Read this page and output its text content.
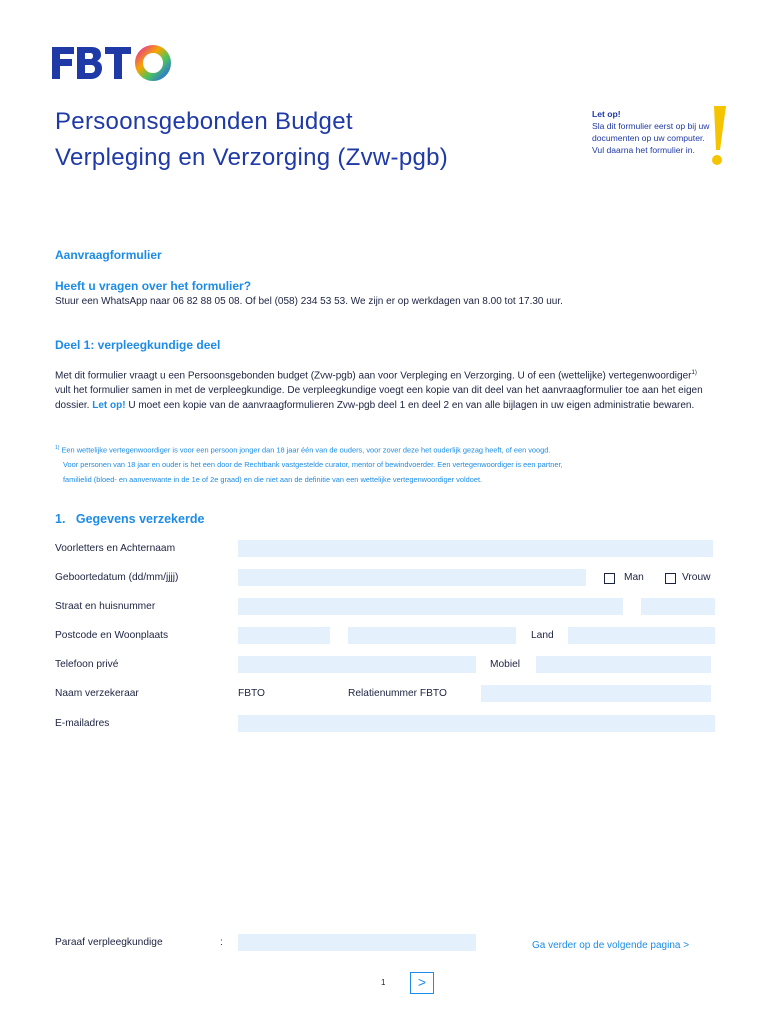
Persoonsgebonden Budget
Verpleging en Verzorging (Zvw-pgb)
Let op!
Sla dit formulier eerst op bij uw documenten op uw computer. Vul daarna het formulier in.
Aanvraagformulier
Heeft u vragen over het formulier?
Stuur een WhatsApp naar 06 82 88 05 08. Of bel (058) 234 53 53. We zijn er op werkdagen van 8.00 tot 17.30 uur.
Deel 1: verpleegkundige deel
Met dit formulier vraagt u een Persoonsgebonden budget (Zvw-pgb) aan voor Verpleging en Verzorging. U of een (wettelijke) vertegenwoordiger$^{1)}$ vult het formulier samen in met de verpleegkundige. De verpleegkundige voegt een kopie van dit deel van het aanvraagformulier toe aan het eigen dossier. Let op! U moet een kopie van de aanvraagformulieren Zvw-pgb deel 1 en deel 2 en van alle bijlagen in uw eigen administratie bewaren.
$^{1)}$ Een wettelijke vertegenwoordiger is voor een persoon jonger dan 18 jaar één van de ouders, voor zover deze het ouderlijk gezag heeft, of een voogd.
Voor personen van 18 jaar en ouder is het een door de Rechtbank vastgestelde curator, mentor of bewindvoerder. Een vertegenwoordiger is een partner,
familielid (bloed- en aanverwante in de 1e of 2e graad) en die niet aan de definitie van een wettelijke vertegenwoordiger voldoet.
1. Gegevens verzekerde
Voorletters en Achternaam
Geboortedatum (dd/mm/jjjj)	Man	Vrouw
Straat en huisnummer
Postcode en Woonplaats	Land
Telefoon privé	Mobiel
Naam verzekeraar	FBTO	Relatienummer FBTO
E-mailadres
Paraaf verpleegkundige	:	Ga verder op de volgende pagina >
1	>
